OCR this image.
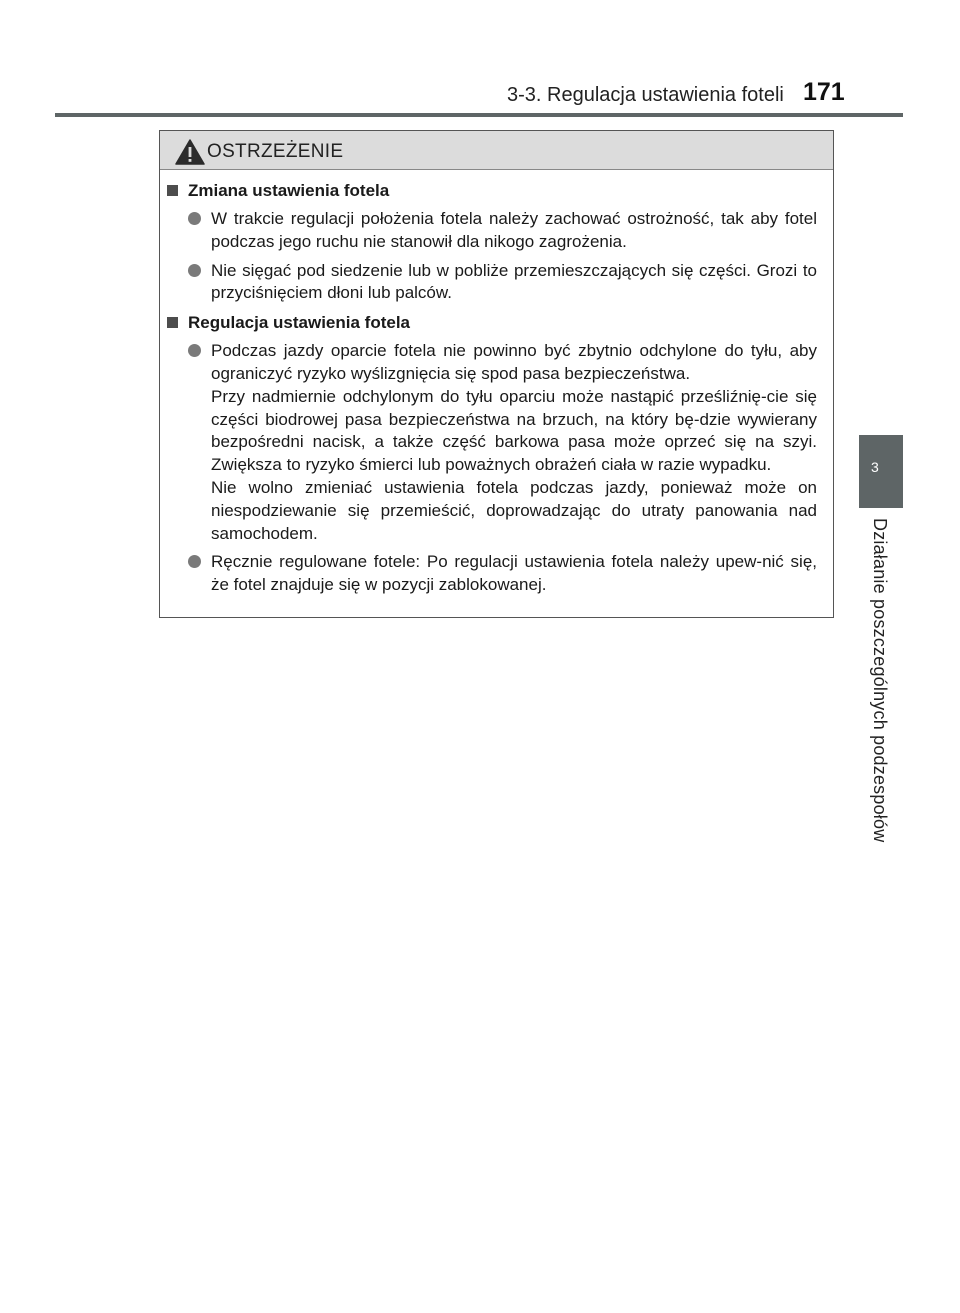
3-3. Regulacja ustawienia foteli 171
3
Działanie poszczególnych podzespołów
OSTRZEŻENIE
Zmiana ustawienia fotela

W trakcie regulacji położenia fotela należy zachować ostrożność, tak aby fotel podczas jego ruchu nie stanowił dla nikogo zagrożenia.

Nie sięgać pod siedzenie lub w pobliże przemieszczających się części. Grozi to przyciśnięciem dłoni lub palców.

Regulacja ustawienia fotela

Podczas jazdy oparcie fotela nie powinno być zbytnio odchylone do tyłu, aby ograniczyć ryzyko wyślizgnięcia się spod pasa bezpieczeństwa.

Przy nadmiernie odchylonym do tyłu oparciu może nastąpić prześliźnię-cie się części biodrowej pasa bezpieczeństwa na brzuch, na który bę-dzie wywierany bezpośredni nacisk, a także część barkowa pasa może oprzeć się na szyi. Zwiększa to ryzyko śmierci lub poważnych obrażeń ciała w razie wypadku.

Nie wolno zmieniać ustawienia fotela podczas jazdy, ponieważ może on niespodziewanie się przemieścić, doprowadzając do utraty panowania nad samochodem.

Ręcznie regulowane fotele: Po regulacji ustawienia fotela należy upew-nić się, że fotel znajduje się w pozycji zablokowanej.
